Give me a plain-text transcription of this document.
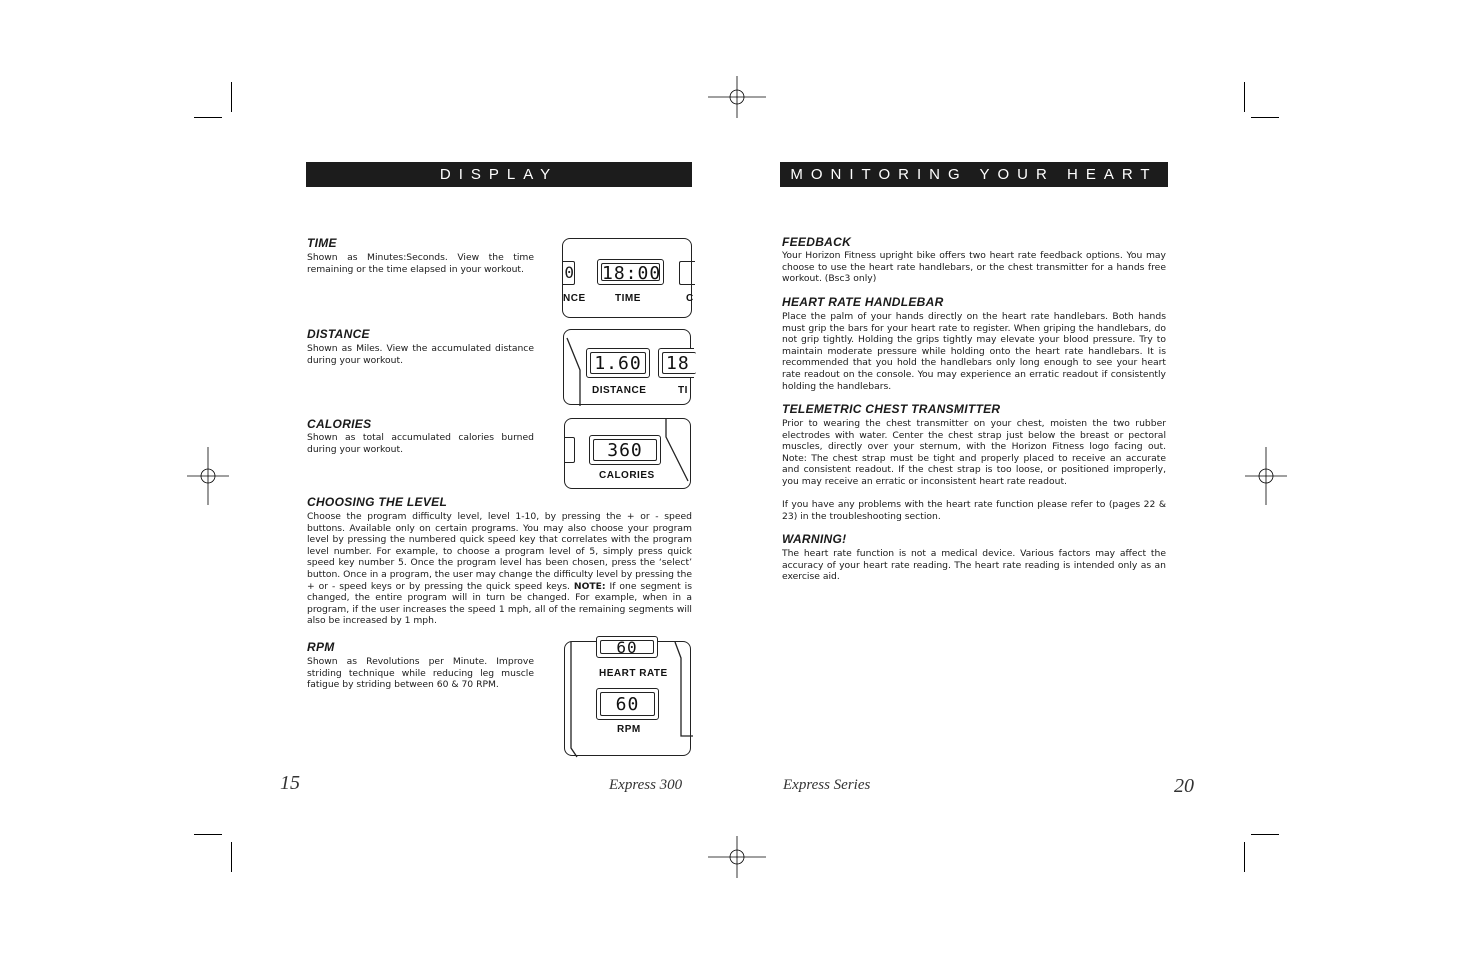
DISPLAY
TIME

Shown as Minutes:Seconds. View the time remaining or the time elapsed in your workout.	0 18:00
NCE	TIME	C
DISTANCE

Shown as Miles. View the accumulated distance during your workout.	1.60 18
DISTANCE	TI
CALORIES

Shown as total accumulated calories burned during your workout.	360
CALORIES
CHOOSING THE LEVEL

Choose the program difficulty level, level 1-10, by pressing the + or - speed buttons. Available only on certain programs. You may also choose your program level by pressing the numbered quick speed key that correlates with the program level number. For example, to choose a program level of 5, simply press quick speed key number 5. Once the program level has been chosen, press the ‘select’ button. Once in a program, the user may change the difficulty level by pressing the + or - speed keys or by pressing the quick speed keys. NOTE: If one segment is changed, the entire program will in turn be changed. For example, when in a program, if the user increases the speed 1 mph, all of the remaining segments will also be increased by 1 mph.

RPM

Shown as Revolutions per Minute. Improve striding technique while reducing leg muscle fatigue by striding between 60 & 70 RPM.

60
HEART RATE
60
RPM
15	Express 300
MONITORING YOUR HEART RATE
FEEDBACK

Your Horizon Fitness upright bike offers two heart rate feedback options. You may choose to use the heart rate handlebars, or the chest transmitter for a hands free workout. (Bsc3 only)

HEART RATE HANDLEBAR

Place the palm of your hands directly on the heart rate handlebars. Both hands must grip the bars for your heart rate to register. When griping the handlebars, do not grip tightly. Holding the grips tightly may elevate your blood pressure. Try to maintain moderate pressure while holding onto the heart rate handlebars. It is recommended that you hold the handlebars only long enough to see your heart rate readout on the console. You may experience an erratic readout if consistently holding the handlebars.

TELEMETRIC CHEST TRANSMITTER

Prior to wearing the chest transmitter on your chest, moisten the two rubber electrodes with water. Center the chest strap just below the breast or pectoral muscles, directly over your sternum, with the Horizon Fitness logo facing out. Note: The chest strap must be tight and properly placed to receive an accurate and consistent readout. If the chest strap is too loose, or positioned improperly, you may receive an erratic or inconsistent heart rate readout.

If you have any problems with the heart rate function please refer to (pages 22 & 23) in the troubleshooting section.

WARNING!

The heart rate function is not a medical device. Various factors may affect the accuracy of your heart rate reading. The heart rate reading is intended only as an exercise aid.

Express Series	20
